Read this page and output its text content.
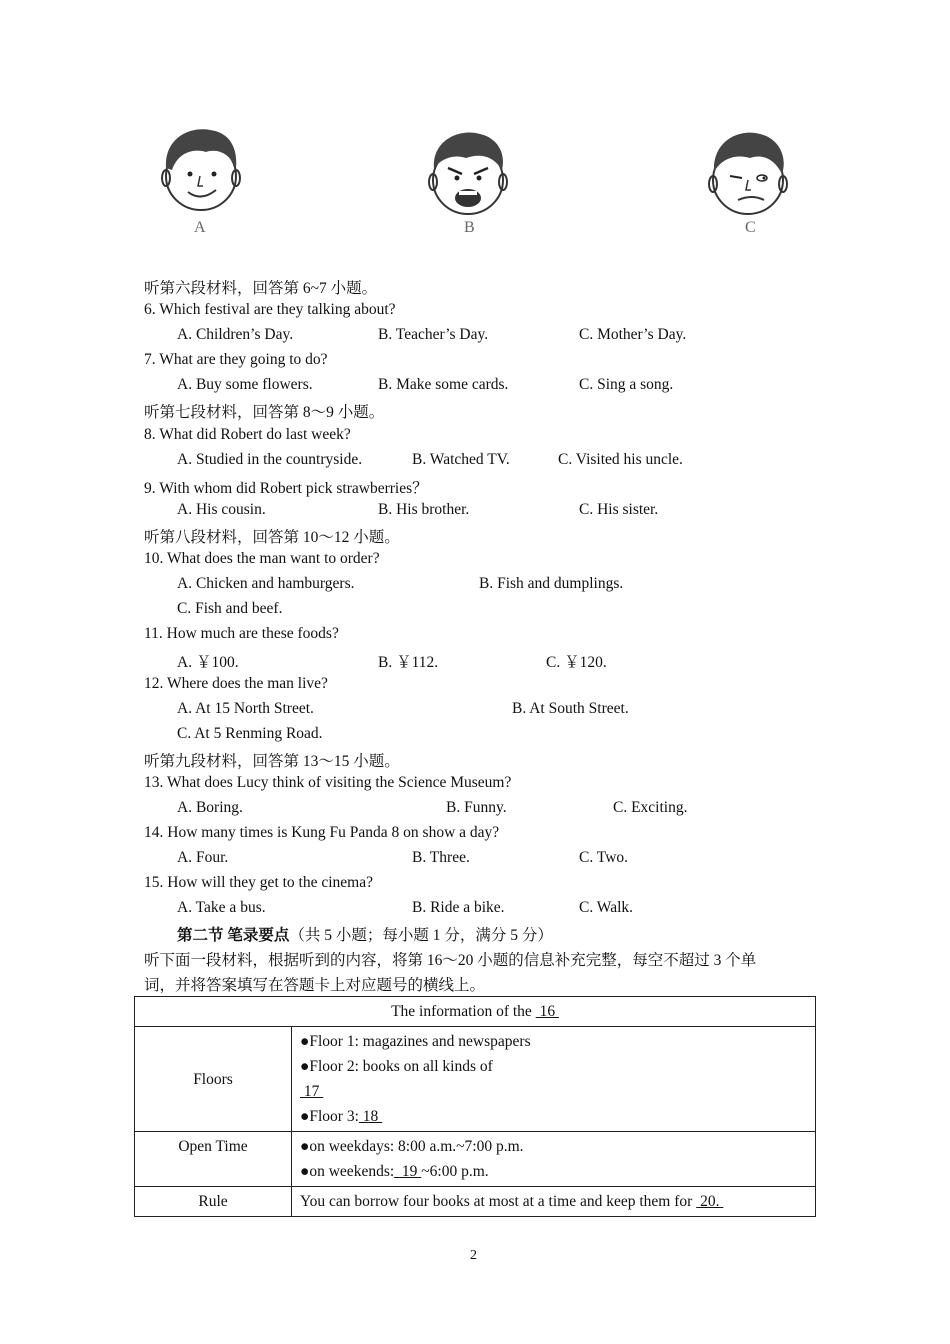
A	B	C
听第六段材料，回答第 6~7 小题。
6. Which festival are they talking about?
A. Children’s Day.	B. Teacher’s Day.	C. Mother’s Day.
7. What are they going to do?
A. Buy some flowers.	B. Make some cards.	C. Sing a song.
听第七段材料，回答第 8～9 小题。
8. What did Robert do last week?
A. Studied in the countryside.	B. Watched TV.	C. Visited his uncle.
9. With whom did Robert pick strawberries？
A. His cousin.	B. His brother.	C. His sister.
听第八段材料，回答第 10～12 小题。
10. What does the man want to order?
A. Chicken and hamburgers.	B. Fish and dumplings.
C. Fish and beef.
11. How much are these foods?
A. ￥100.	B. ￥112.	C. ￥120.
12. Where does the man live?
A. At 15 North Street.	B. At South Street.
C. At 5 Renming Road.
听第九段材料，回答第 13～15 小题。
13. What does Lucy think of visiting the Science Museum?
A. Boring.	B. Funny.	C. Exciting.
14. How many times is Kung Fu Panda 8 on show a day?
A. Four.	B. Three.	C. Two.
15. How will they get to the cinema?
A. Take a bus.	B. Ride a bike.	C. Walk.
第二节 笔录要点（共 5 小题；每小题 1 分，满分 5 分）
听下面一段材料，根据听到的内容，将第 16～20 小题的信息补充完整，每空不超过 3 个单
词，并将答案填写在答题卡上对应题号的横线上。
The information of the  16	
Floors	●Floor 1: magazines and newspapers
●Floor 2: books on all kinds of
17
●Floor 3: 18

Open Time	●on weekdays: 8:00 a.m.~7:00 p.m.
●on weekends:  19 ~6:00 p.m.

Rule	You can borrow four books at most at a time and keep them for  20.
2
